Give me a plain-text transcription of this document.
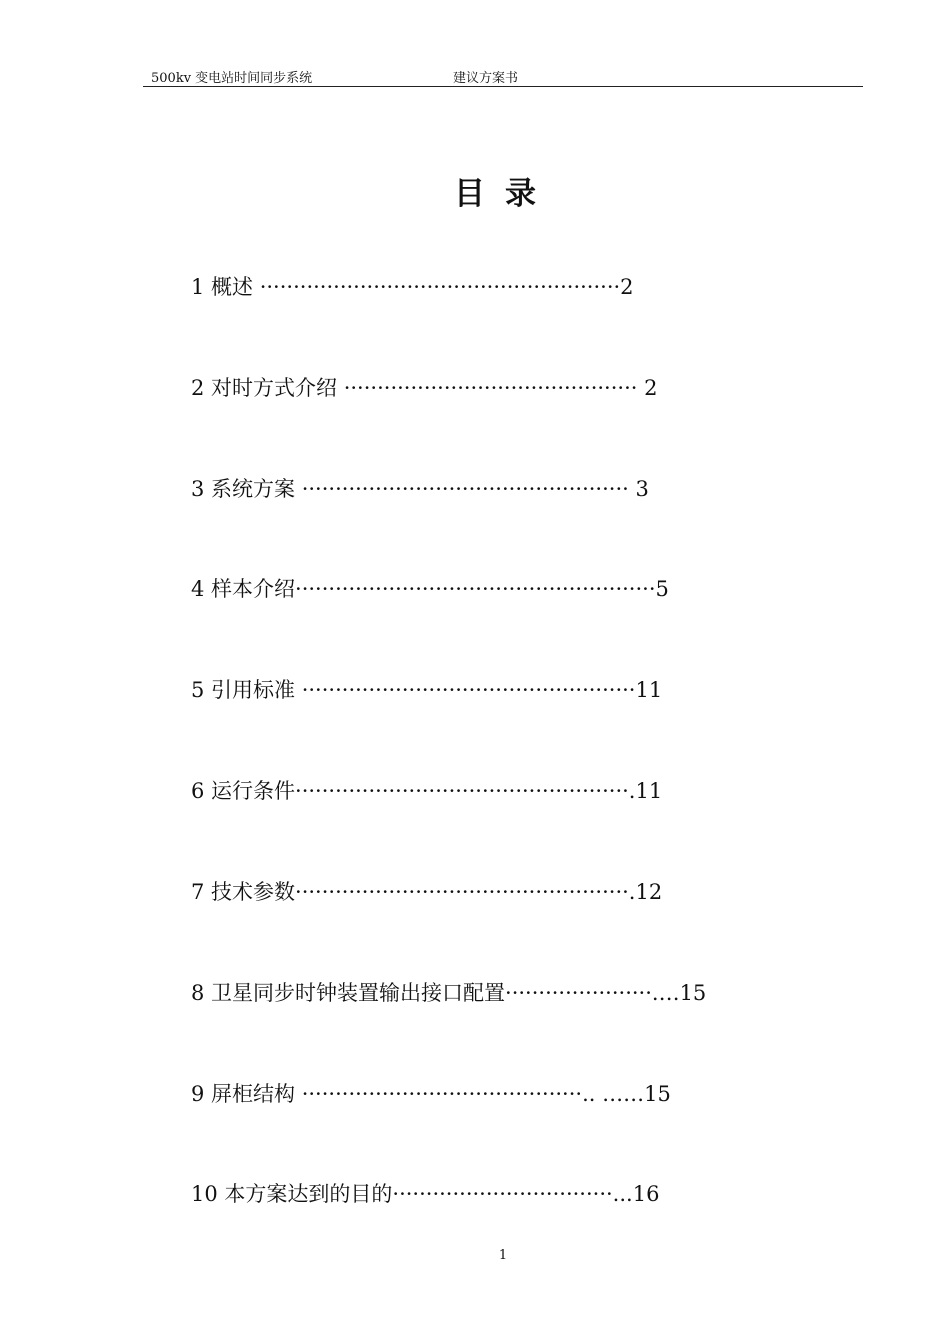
500kv 变电站时间同步系统	建议方案书
目录
1 概述 ······················································2
2 对时方式介绍 ············································ 2
3 系统方案 ················································· 3
4 样本介绍······················································5
5 引用标准 ··················································11
6 运行条件··················································.11
7 技术参数··················································.12
8 卫星同步时钟装置输出接口配置······················.…15
9 屏柜结构 ··········································.. ……15
10 本方案达到的目的·································...16
1
